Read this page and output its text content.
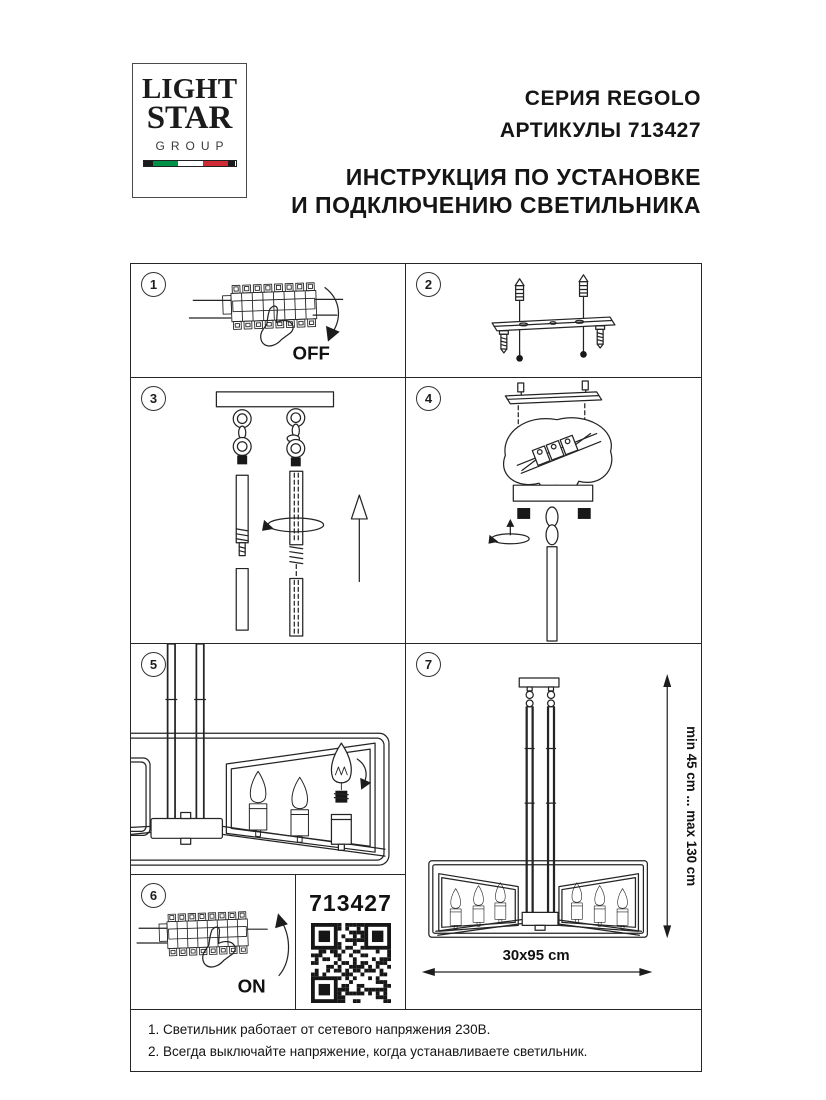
LIGHT
STAR
GROUP
СЕРИЯ REGOLO
АРТИКУЛЫ 713427
ИНСТРУКЦИЯ ПО УСТАНОВКЕ
И ПОДКЛЮЧЕНИЮ СВЕТИЛЬНИКА
1
OFF
2
3	4
5	7
min 45 cm ... max 130 cm
30x95 cm
6
ON
713427
1. Светильник работает от сетевого напряжения 230В.
2. Всегда выключайте напряжение, когда устанавливаете светильник.
